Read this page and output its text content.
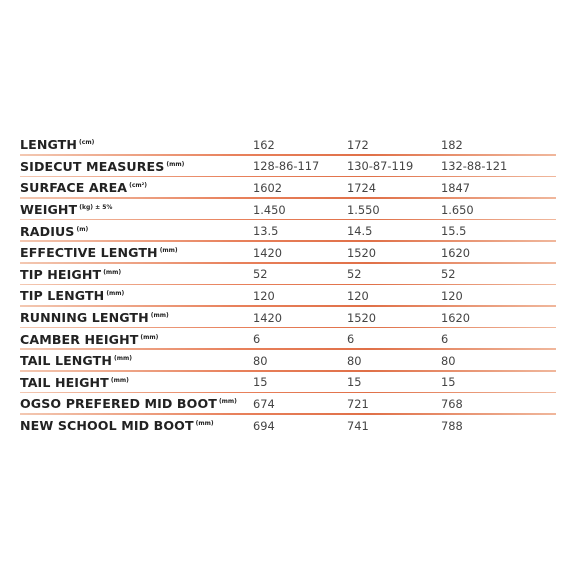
LENGTH $^{(cm)}$	162	172	182
SIDECUT MEASURES $^{(mm)}$	128-86-117	130-87-119	132-88-121
SURFACE AREA $^{(cm^2)}$	1602	1724	1847
WEIGHT $^{(kg) \pm 5\%}$	1.450	1.550	1.650
RADIUS $^{(m)}$	13.5	14.5	15.5
EFFECTIVE LENGTH $^{(mm)}$	1420	1520	1620
TIP HEIGHT $^{(mm)}$	52	52	52
TIP LENGTH $^{(mm)}$	120	120	120
RUNNING LENGTH $^{(mm)}$	1420	1520	1620
CAMBER HEIGHT $^{(mm)}$	6	6	6
TAIL LENGTH $^{(mm)}$	80	80	80
TAIL HEIGHT $^{(mm)}$	15	15	15
OGSO PREFERED MID BOOT $^{(mm)}$	674	721	768
NEW SCHOOL MID BOOT $^{(mm)}$	694	741	788
